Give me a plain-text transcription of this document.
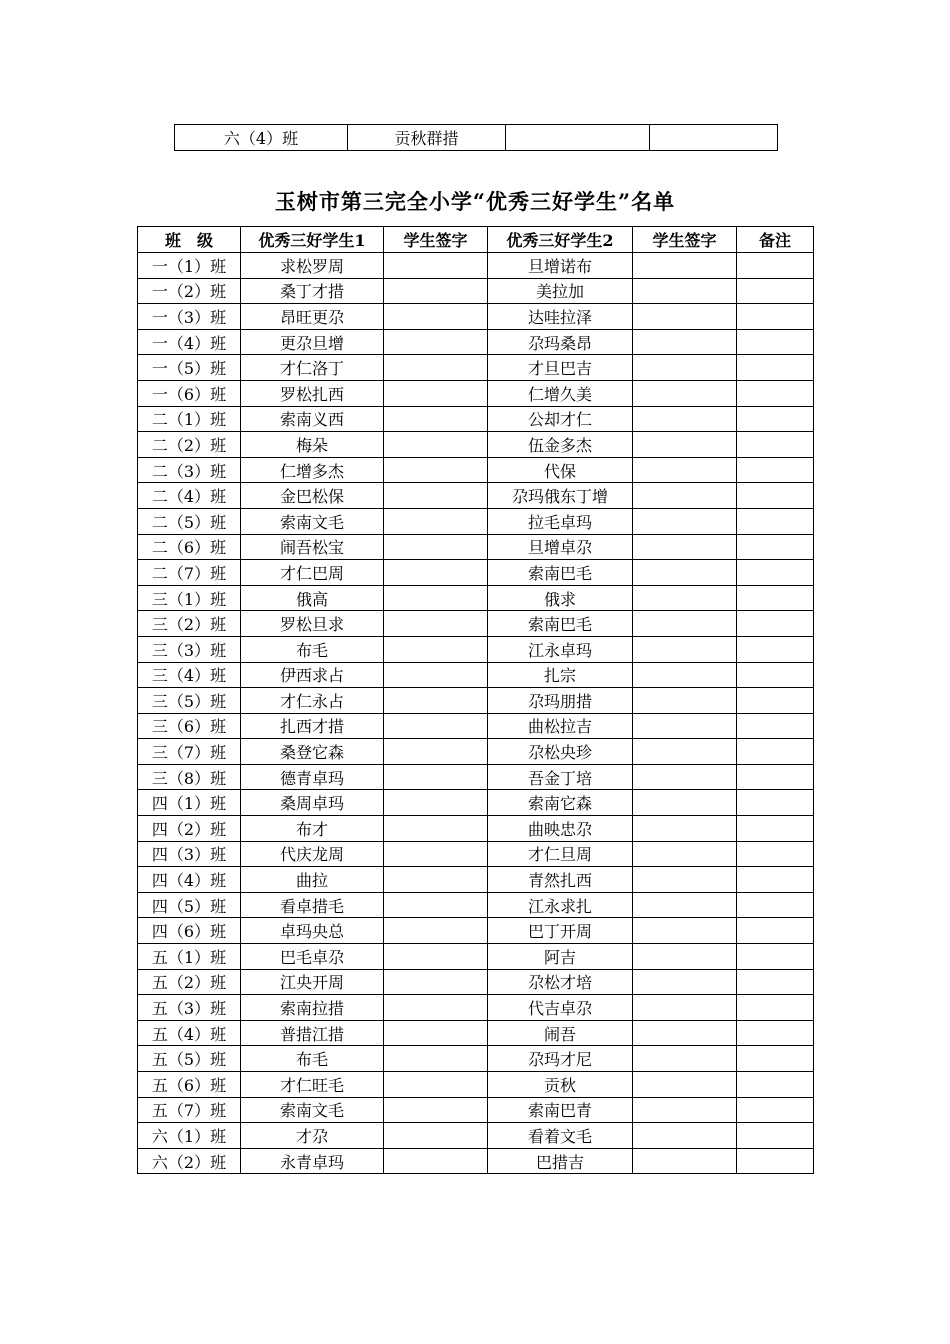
六（4）班	贡秋群措		
玉树市第三完全小学“优秀三好学生”名单
班　级	优秀三好学生1	学生签字	优秀三好学生2	学生签字	备注
一（1）班	求松罗周		旦增诺布		
一（2）班	桑丁才措		美拉加		
一（3）班	昂旺更尕		达哇拉泽		
一（4）班	更尕旦增		尕玛桑昂		
一（5）班	才仁洛丁		才旦巴吉		
一（6）班	罗松扎西		仁增久美		
二（1）班	索南义西		公却才仁		
二（2）班	梅朵		伍金多杰		
二（3）班	仁增多杰		代保		
二（4）班	金巴松保		尕玛俄东丁增		
二（5）班	索南文毛		拉毛卓玛		
二（6）班	闹吾松宝		旦增卓尕		
二（7）班	才仁巴周		索南巴毛		
三（1）班	俄高		俄求		
三（2）班	罗松旦求		索南巴毛		
三（3）班	布毛		江永卓玛		
三（4）班	伊西求占		扎宗		
三（5）班	才仁永占		尕玛朋措		
三（6）班	扎西才措		曲松拉吉		
三（7）班	桑登它森		尕松央珍		
三（8）班	德青卓玛		吾金丁培		
四（1）班	桑周卓玛		索南它森		
四（2）班	布才		曲映忠尕		
四（3）班	代庆龙周		才仁旦周		
四（4）班	曲拉		青然扎西		
四（5）班	看卓措毛		江永求扎		
四（6）班	卓玛央总		巴丁开周		
五（1）班	巴毛卓尕		阿吉		
五（2）班	江央开周		尕松才培		
五（3）班	索南拉措		代吉卓尕		
五（4）班	普措江措		闹吾		
五（5）班	布毛		尕玛才尼		
五（6）班	才仁旺毛		贡秋		
五（7）班	索南文毛		索南巴青		
六（1）班	才尕		看着文毛		
六（2）班	永青卓玛		巴措吉		
